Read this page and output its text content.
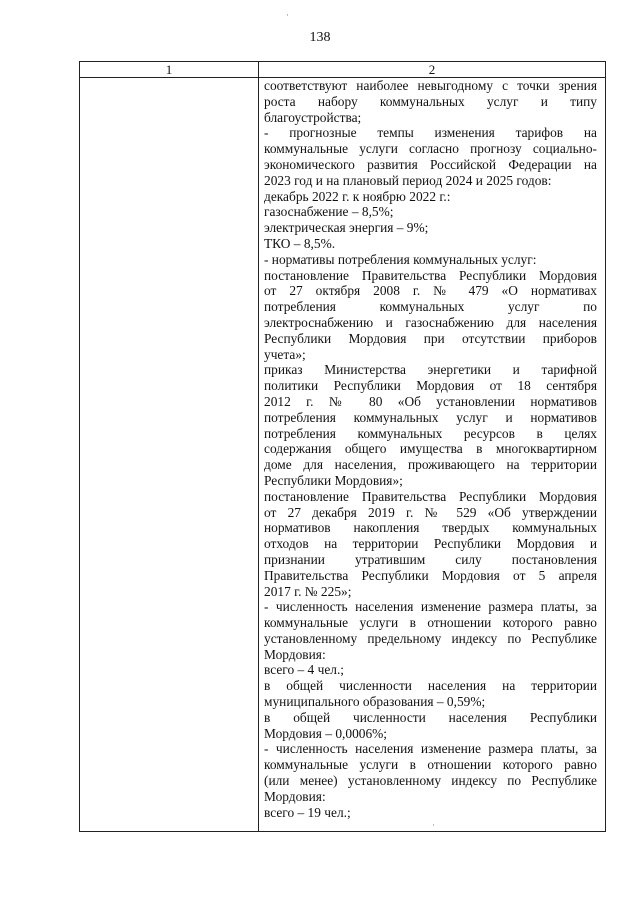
138
1	2
соответствуют наиболее невыгодному с точки зрения
роста набору коммунальных услуг и типу
благоустройства;
- прогнозные темпы изменения тарифов на
коммунальные услуги согласно прогнозу социально-
экономического развития Российской Федерации на
2023 год и на плановый период 2024 и 2025 годов:
декабрь 2022 г. к ноябрю 2022 г.:
газоснабжение – 8,5%;
электрическая энергия – 9%;
ТКО – 8,5%.
- нормативы потребления коммунальных услуг:
постановление Правительства Республики Мордовия
от 27 октября 2008 г. № 479 «О нормативах
потребления коммунальных услуг по
электроснабжению и газоснабжению для населения
Республики Мордовия при отсутствии приборов
учета»;
приказ Министерства энергетики и тарифной
политики Республики Мордовия от 18 сентября
2012 г. № 80 «Об установлении нормативов
потребления коммунальных услуг и нормативов
потребления коммунальных ресурсов в целях
содержания общего имущества в многоквартирном
доме для населения, проживающего на территории
Республики Мордовия»;
постановление Правительства Республики Мордовия
от 27 декабря 2019 г. № 529 «Об утверждении
нормативов накопления твердых коммунальных
отходов на территории Республики Мордовия и
признании утратившим силу постановления
Правительства Республики Мордовия от 5 апреля
2017 г. № 225»;
- численность населения изменение размера платы, за
коммунальные услуги в отношении которого равно
установленному предельному индексу по Республике
Мордовия:
всего – 4 чел.;
в общей численности населения на территории
муниципального образования – 0,59%;
в общей численности населения Республики
Мордовия – 0,0006%;
- численность населения изменение размера платы, за
коммунальные услуги в отношении которого равно
(или менее) установленному индексу по Республике
Мордовия:
всего – 19 чел.;
·
·
